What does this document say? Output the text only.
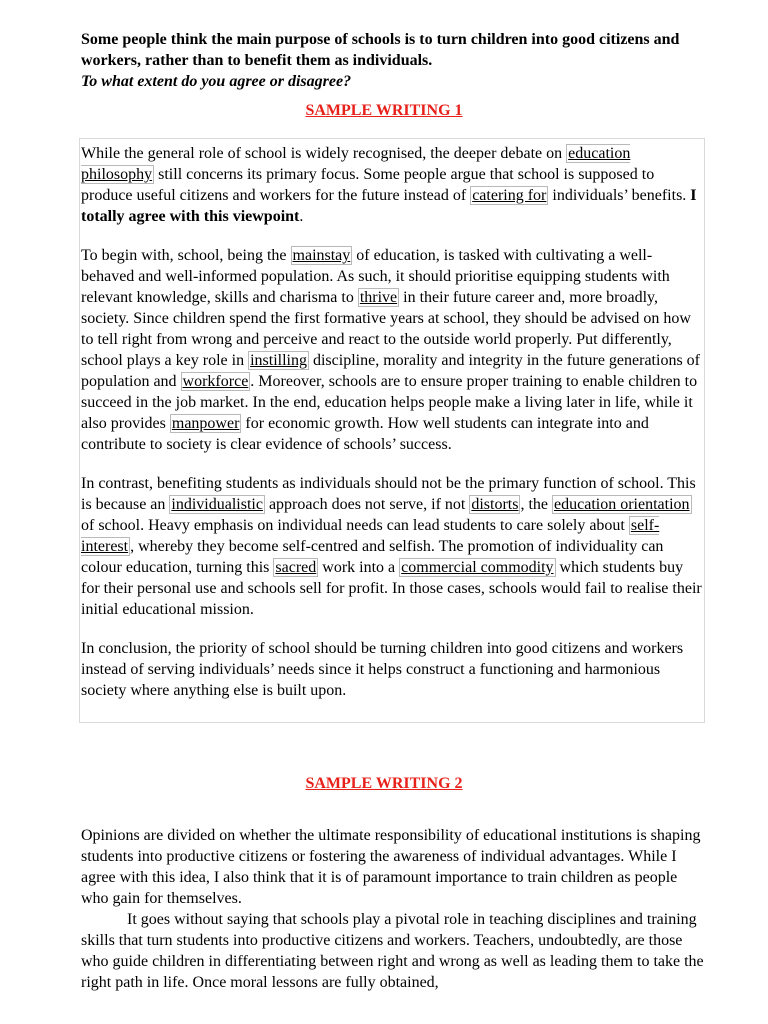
Some people think the main purpose of schools is to turn children into good citizens and workers, rather than to benefit them as individuals.
To what extent do you agree or disagree?
SAMPLE WRITING 1

While the general role of school is widely recognised, the deeper debate on education philosophy still concerns its primary focus. Some people argue that school is supposed to produce useful citizens and workers for the future instead of catering for individuals’ benefits. I totally agree with this viewpoint.

To begin with, school, being the mainstay of education, is tasked with cultivating a well-behaved and well-informed population. As such, it should prioritise equipping students with relevant knowledge, skills and charisma to thrive in their future career and, more broadly, society. Since children spend the first formative years at school, they should be advised on how to tell right from wrong and perceive and react to the outside world properly. Put differently, school plays a key role in instilling discipline, morality and integrity in the future generations of population and workforce . Moreover, schools are to ensure proper training to enable children to succeed in the job market. In the end, education helps people make a living later in life, while it also provides manpower for economic growth. How well students can integrate into and contribute to society is clear evidence of schools’ success.

In contrast, benefiting students as individuals should not be the primary function of school. This is because an individualistic approach does not serve, if not distorts , the education orientation of school. Heavy emphasis on individual needs can lead students to care solely about self-interest , whereby they become self-centred and selfish. The promotion of individuality can colour education, turning this sacred work into a commercial commodity which students buy for their personal use and schools sell for profit. In those cases, schools would fail to realise their initial educational mission.

In conclusion, the priority of school should be turning children into good citizens and workers instead of serving individuals’ needs since it helps construct a functioning and harmonious society where anything else is built upon.

SAMPLE WRITING 2

Opinions are divided on whether the ultimate responsibility of educational institutions is shaping students into productive citizens or fostering the awareness of individual advantages. While I agree with this idea, I also think that it is of paramount importance to train children as people who gain for themselves.

It goes without saying that schools play a pivotal role in teaching disciplines and training skills that turn students into productive citizens and workers. Teachers, undoubtedly, are those who guide children in differentiating between right and wrong as well as leading them to take the right path in life. Once moral lessons are fully obtained,
